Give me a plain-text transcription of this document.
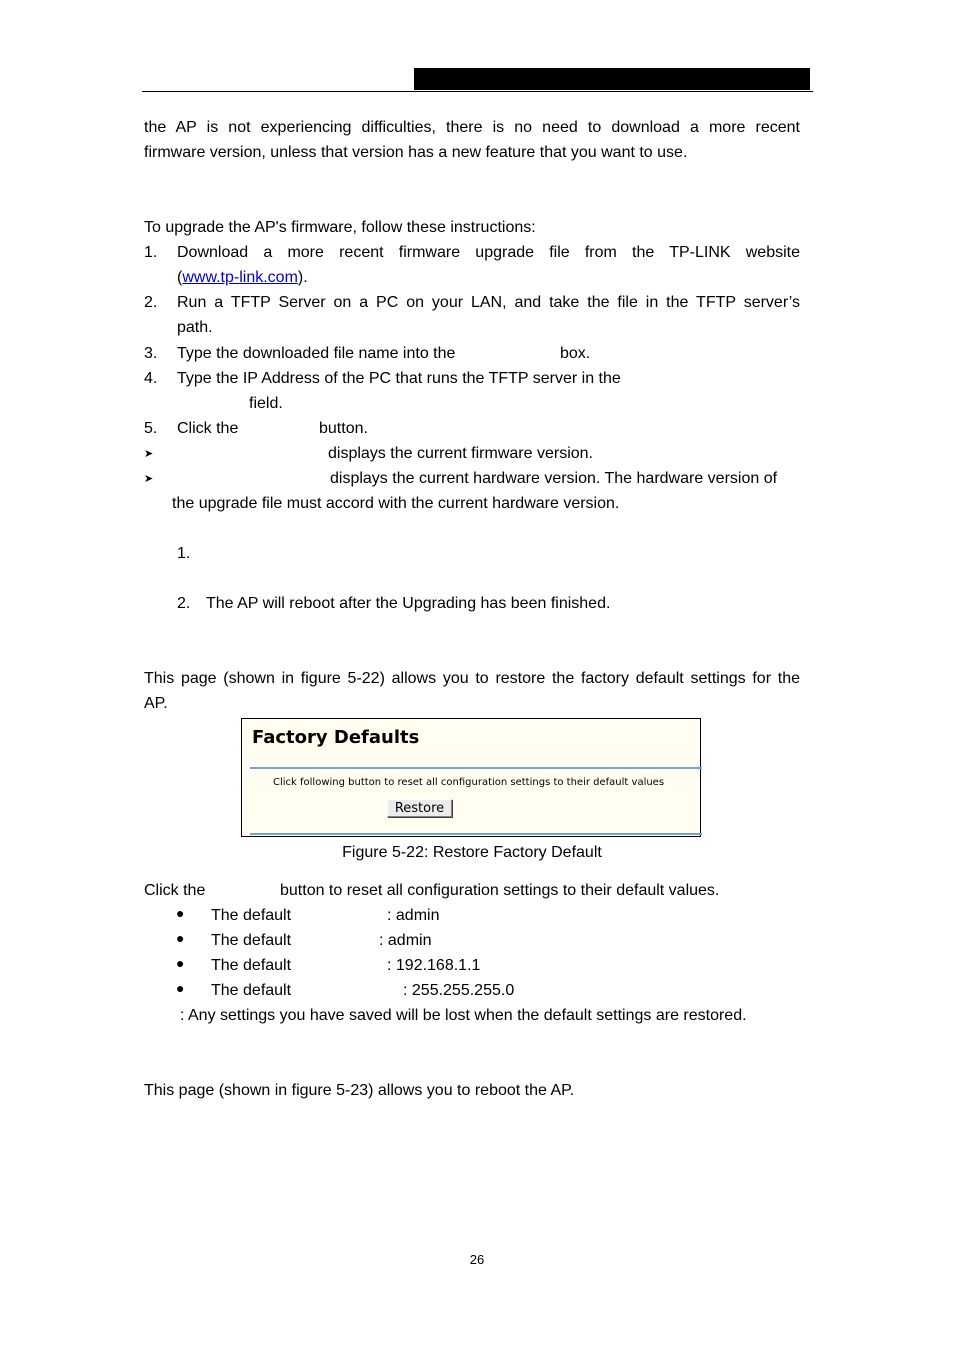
the AP is not experiencing difficulties, there is no need to download a more recent
firmware version, unless that version has a new feature that you want to use.
To upgrade the AP's firmware, follow these instructions:
1. Download a more recent firmware upgrade file from the TP-LINK website
(www.tp-link.com).
2. Run a TFTP Server on a PC on your LAN, and take the file in the TFTP server’s
path.
3. Type the downloaded file name into the	box.
4. Type the IP Address of the PC that runs the TFTP server in the
field.
5. Click the	button.
➤	displays the current firmware version.
➤	displays the current hardware version. The hardware version of
the upgrade file must accord with the current hardware version.
1.
2. The AP will reboot after the Upgrading has been finished.
This page (shown in figure 5-22) allows you to restore the factory default settings for the
AP.
Factory Defaults
Click following button to reset all configuration settings to their default values
Restore
Figure 5-22: Restore Factory Default
Click the	button to reset all configuration settings to their default values.
● The default	: admin
● The default	: admin
● The default	: 192.168.1.1
● The default	: 255.255.255.0
: Any settings you have saved will be lost when the default settings are restored.
This page (shown in figure 5-23) allows you to reboot the AP.
26
